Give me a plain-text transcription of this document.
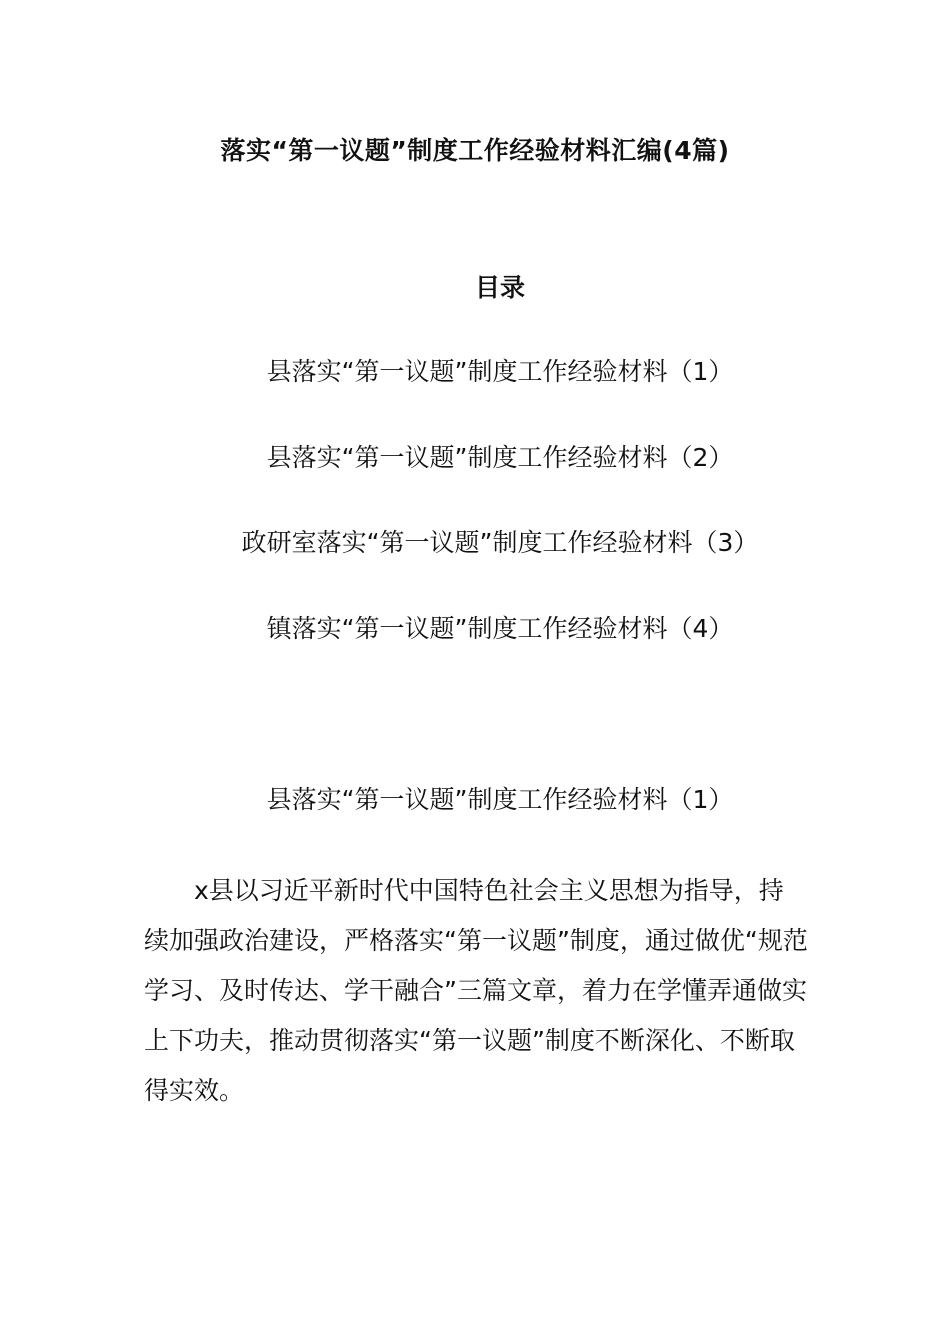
落实“第一议题”制度工作经验材料汇编(4篇)
目录
县落实“第一议题”制度工作经验材料（1）
县落实“第一议题”制度工作经验材料（2）
政研室落实“第一议题”制度工作经验材料（3）
镇落实“第一议题”制度工作经验材料（4）
县落实“第一议题”制度工作经验材料（1）

x县以习近平新时代中国特色社会主义思想为指导，持续加强政治建设，严格落实“第一议题”制度，通过做优“规范学习、及时传达、学干融合”三篇文章，着力在学懂弄通做实上下功夫，推动贯彻落实“第一议题”制度不断深化、不断取得实效。
